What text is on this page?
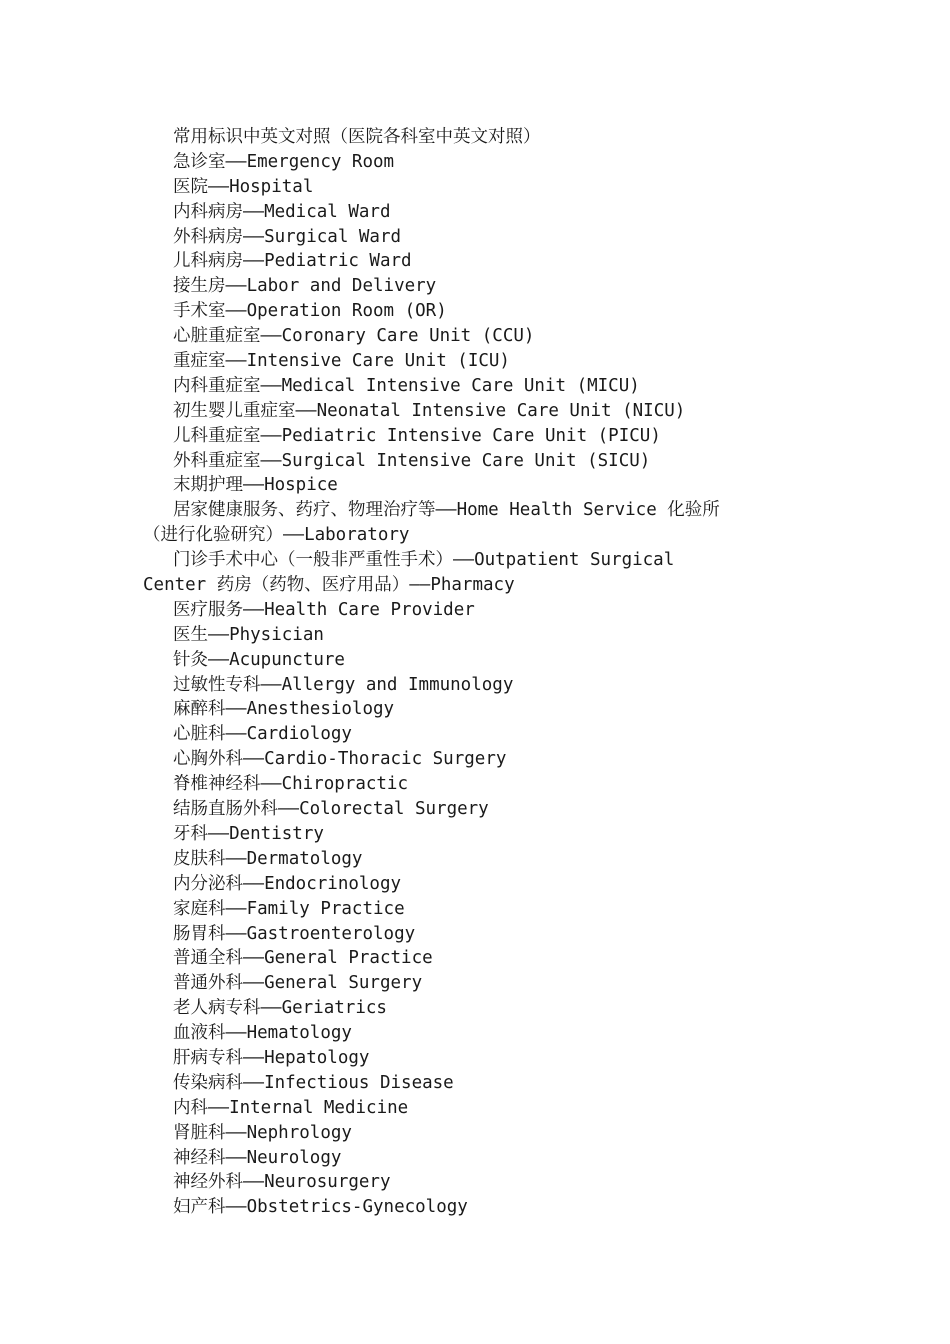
常用标识中英文对照（医院各科室中英文对照）
急诊室——Emergency Room
医院——Hospital
内科病房——Medical Ward
外科病房——Surgical Ward
儿科病房——Pediatric Ward
接生房——Labor and Delivery
手术室——Operation Room (OR)
心脏重症室——Coronary Care Unit (CCU)
重症室——Intensive Care Unit (ICU)
内科重症室——Medical Intensive Care Unit (MICU)
初生婴儿重症室——Neonatal Intensive Care Unit (NICU)
儿科重症室——Pediatric Intensive Care Unit (PICU)
外科重症室——Surgical Intensive Care Unit (SICU)
末期护理——Hospice
居家健康服务、药疗、物理治疗等——Home Health Service 化验所
（进行化验研究）——Laboratory
门诊手术中心（一般非严重性手术）——Outpatient Surgical
Center 药房（药物、医疗用品）——Pharmacy
医疗服务——Health Care Provider
医生——Physician
针灸——Acupuncture
过敏性专科——Allergy and Immunology
麻醉科——Anesthesiology
心脏科——Cardiology
心胸外科——Cardio-Thoracic Surgery
脊椎神经科——Chiropractic
结肠直肠外科——Colorectal Surgery
牙科——Dentistry
皮肤科——Dermatology
内分泌科——Endocrinology
家庭科——Family Practice
肠胃科——Gastroenterology
普通全科——General Practice
普通外科——General Surgery
老人病专科——Geriatrics
血液科——Hematology
肝病专科——Hepatology
传染病科——Infectious Disease
内科——Internal Medicine
肾脏科——Nephrology
神经科——Neurology
神经外科——Neurosurgery
妇产科——Obstetrics-Gynecology
